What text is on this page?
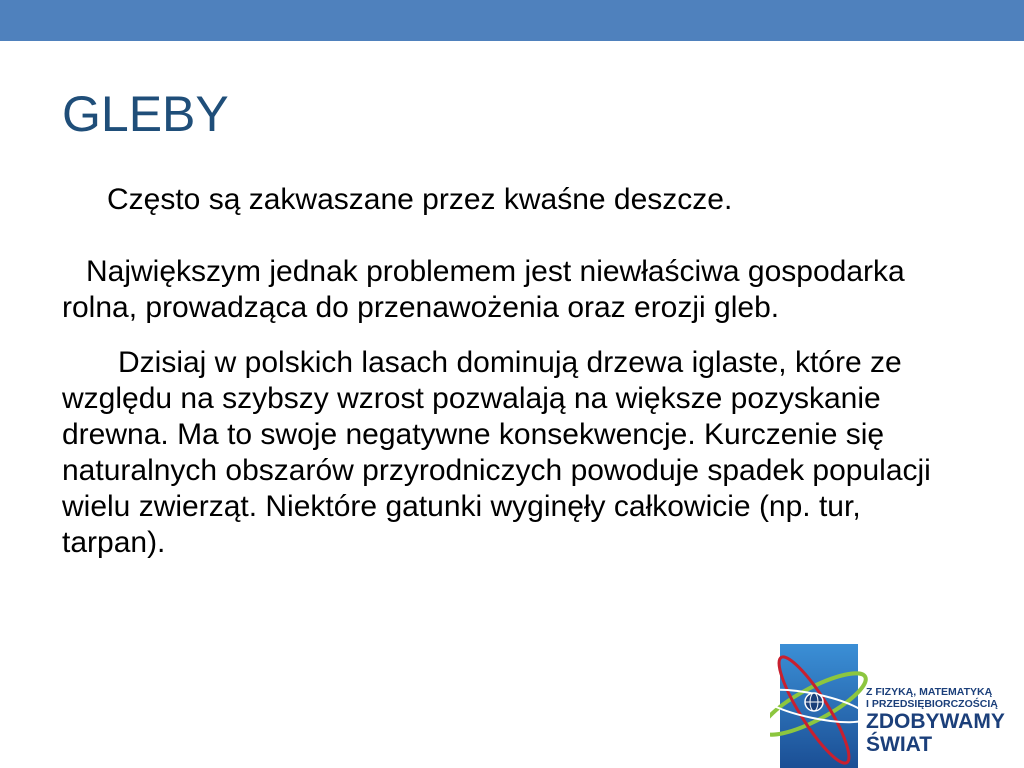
GLEBY

Często są zakwaszane przez kwaśne deszcze.

Największym jednak problemem jest niewłaściwa gospodarka rolna, prowadząca do przenawożenia oraz erozji gleb.

Dzisiaj w polskich lasach dominują drzewa iglaste, które ze względu na szybszy wzrost pozwalają na większe pozyskanie drewna. Ma to swoje negatywne konsekwencje. Kurczenie się naturalnych obszarów przyrodniczych powoduje spadek populacji wielu zwierząt. Niektóre gatunki wyginęły całkowicie (np. tur, tarpan).

Z FIZYKĄ, MATEMATYKĄ
I PRZEDSIĘBIORCZOŚCIĄ
ZDOBYWAMY
ŚWIAT
